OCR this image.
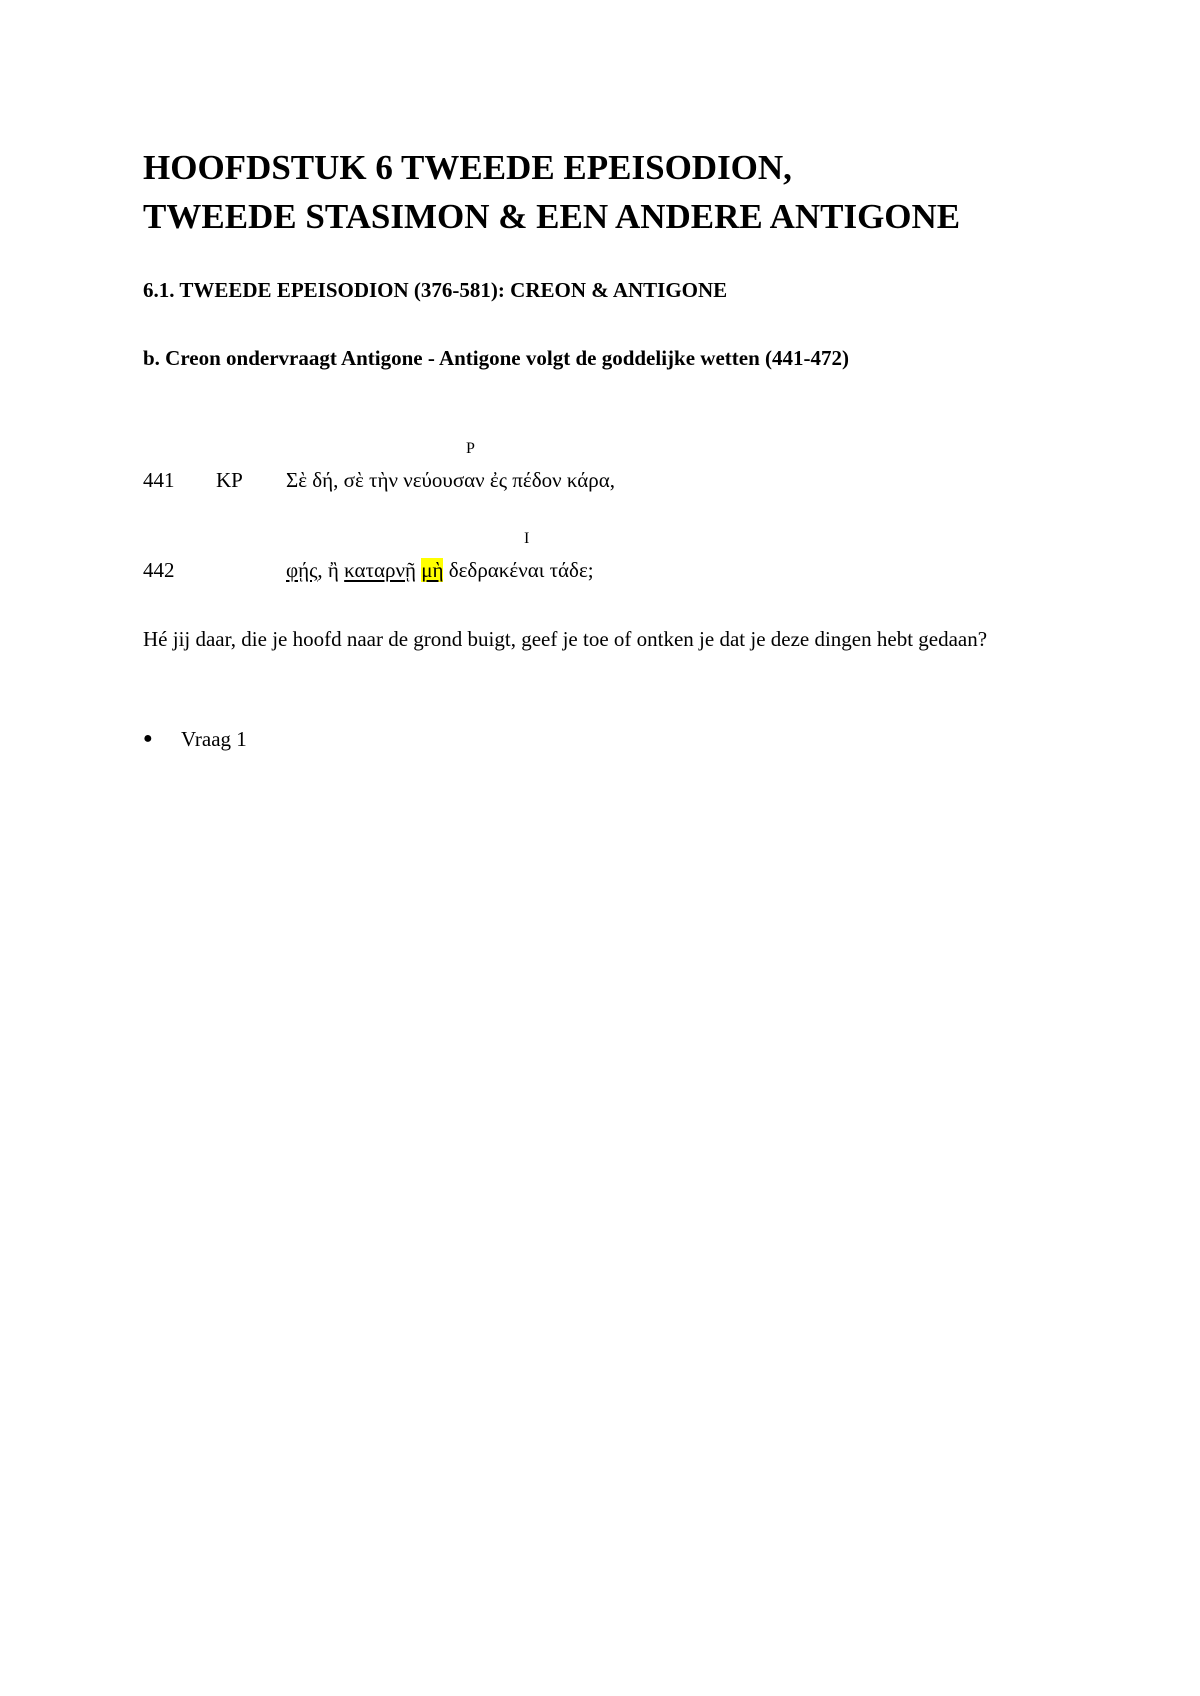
HOOFDSTUK 6 TWEEDE EPEISODION,
TWEEDE STASIMON & EEN ANDERE ANTIGONE
6.1. TWEEDE EPEISODION (376-581): CREON & ANTIGONE
b. Creon ondervraagt Antigone - Antigone volgt de goddelijke wetten (441-472)
P
441 KP Σὲ δή, σὲ τὴν νεύουσαν ἐς πέδον κάρα,
I
442	φῄς, ἢ καταρνῇ μὴ δεδρακέναι τάδε;
Hé jij daar, die je hoofd naar de grond buigt, geef je toe of ontken je dat je deze dingen hebt gedaan?
● Vraag 1
